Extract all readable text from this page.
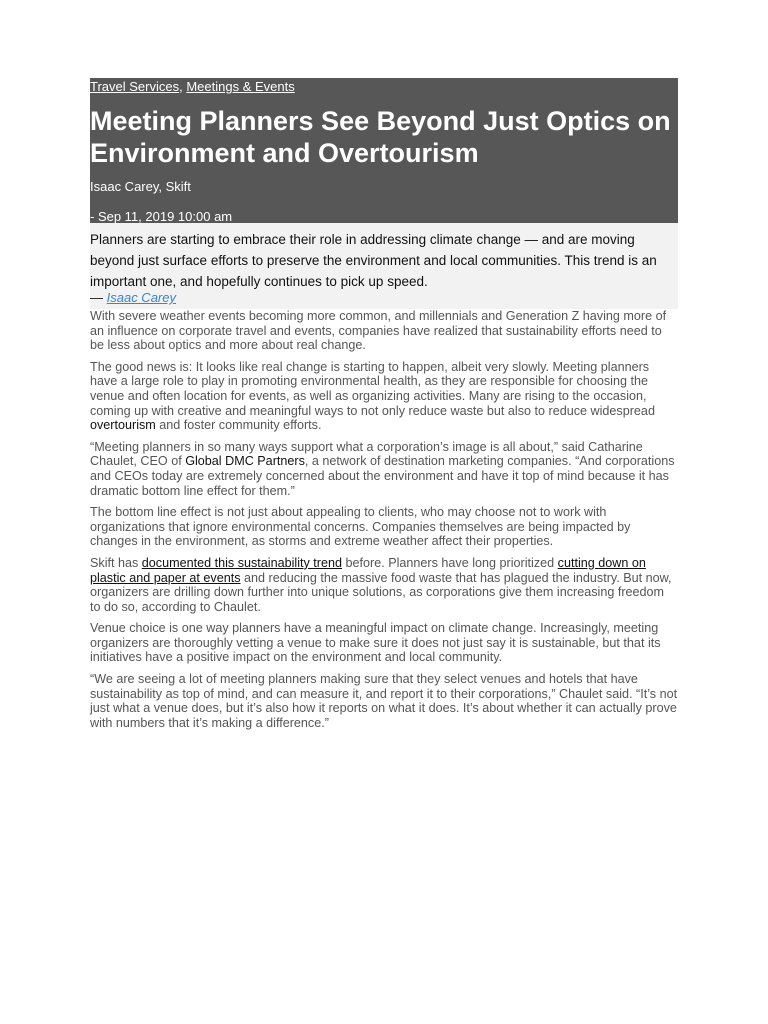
Travel Services, Meetings & Events
Meeting Planners See Beyond Just Optics on Environment and Overtourism
Isaac Carey, Skift
- Sep 11, 2019 10:00 am

Planners are starting to embrace their role in addressing climate change — and are moving beyond just surface efforts to preserve the environment and local communities. This trend is an important one, and hopefully continues to pick up speed.

— Isaac Carey

With severe weather events becoming more common, and millennials and Generation Z having more of an influence on corporate travel and events, companies have realized that sustainability efforts need to be less about optics and more about real change.

The good news is: It looks like real change is starting to happen, albeit very slowly. Meeting planners have a large role to play in promoting environmental health, as they are responsible for choosing the venue and often location for events, as well as organizing activities. Many are rising to the occasion, coming up with creative and meaningful ways to not only reduce waste but also to reduce widespread overtourism and foster community efforts.

“Meeting planners in so many ways support what a corporation’s image is all about,” said Catharine Chaulet, CEO of Global DMC Partners, a network of destination marketing companies. “And corporations and CEOs today are extremely concerned about the environment and have it top of mind because it has dramatic bottom line effect for them.”

The bottom line effect is not just about appealing to clients, who may choose not to work with organizations that ignore environmental concerns. Companies themselves are being impacted by changes in the environment, as storms and extreme weather affect their properties.

Skift has documented this sustainability trend before. Planners have long prioritized cutting down on plastic and paper at events and reducing the massive food waste that has plagued the industry. But now, organizers are drilling down further into unique solutions, as corporations give them increasing freedom to do so, according to Chaulet.

Venue choice is one way planners have a meaningful impact on climate change. Increasingly, meeting organizers are thoroughly vetting a venue to make sure it does not just say it is sustainable, but that its initiatives have a positive impact on the environment and local community.

“We are seeing a lot of meeting planners making sure that they select venues and hotels that have sustainability as top of mind, and can measure it, and report it to their corporations,” Chaulet said. “It’s not just what a venue does, but it’s also how it reports on what it does. It’s about whether it can actually prove with numbers that it’s making a difference.”
